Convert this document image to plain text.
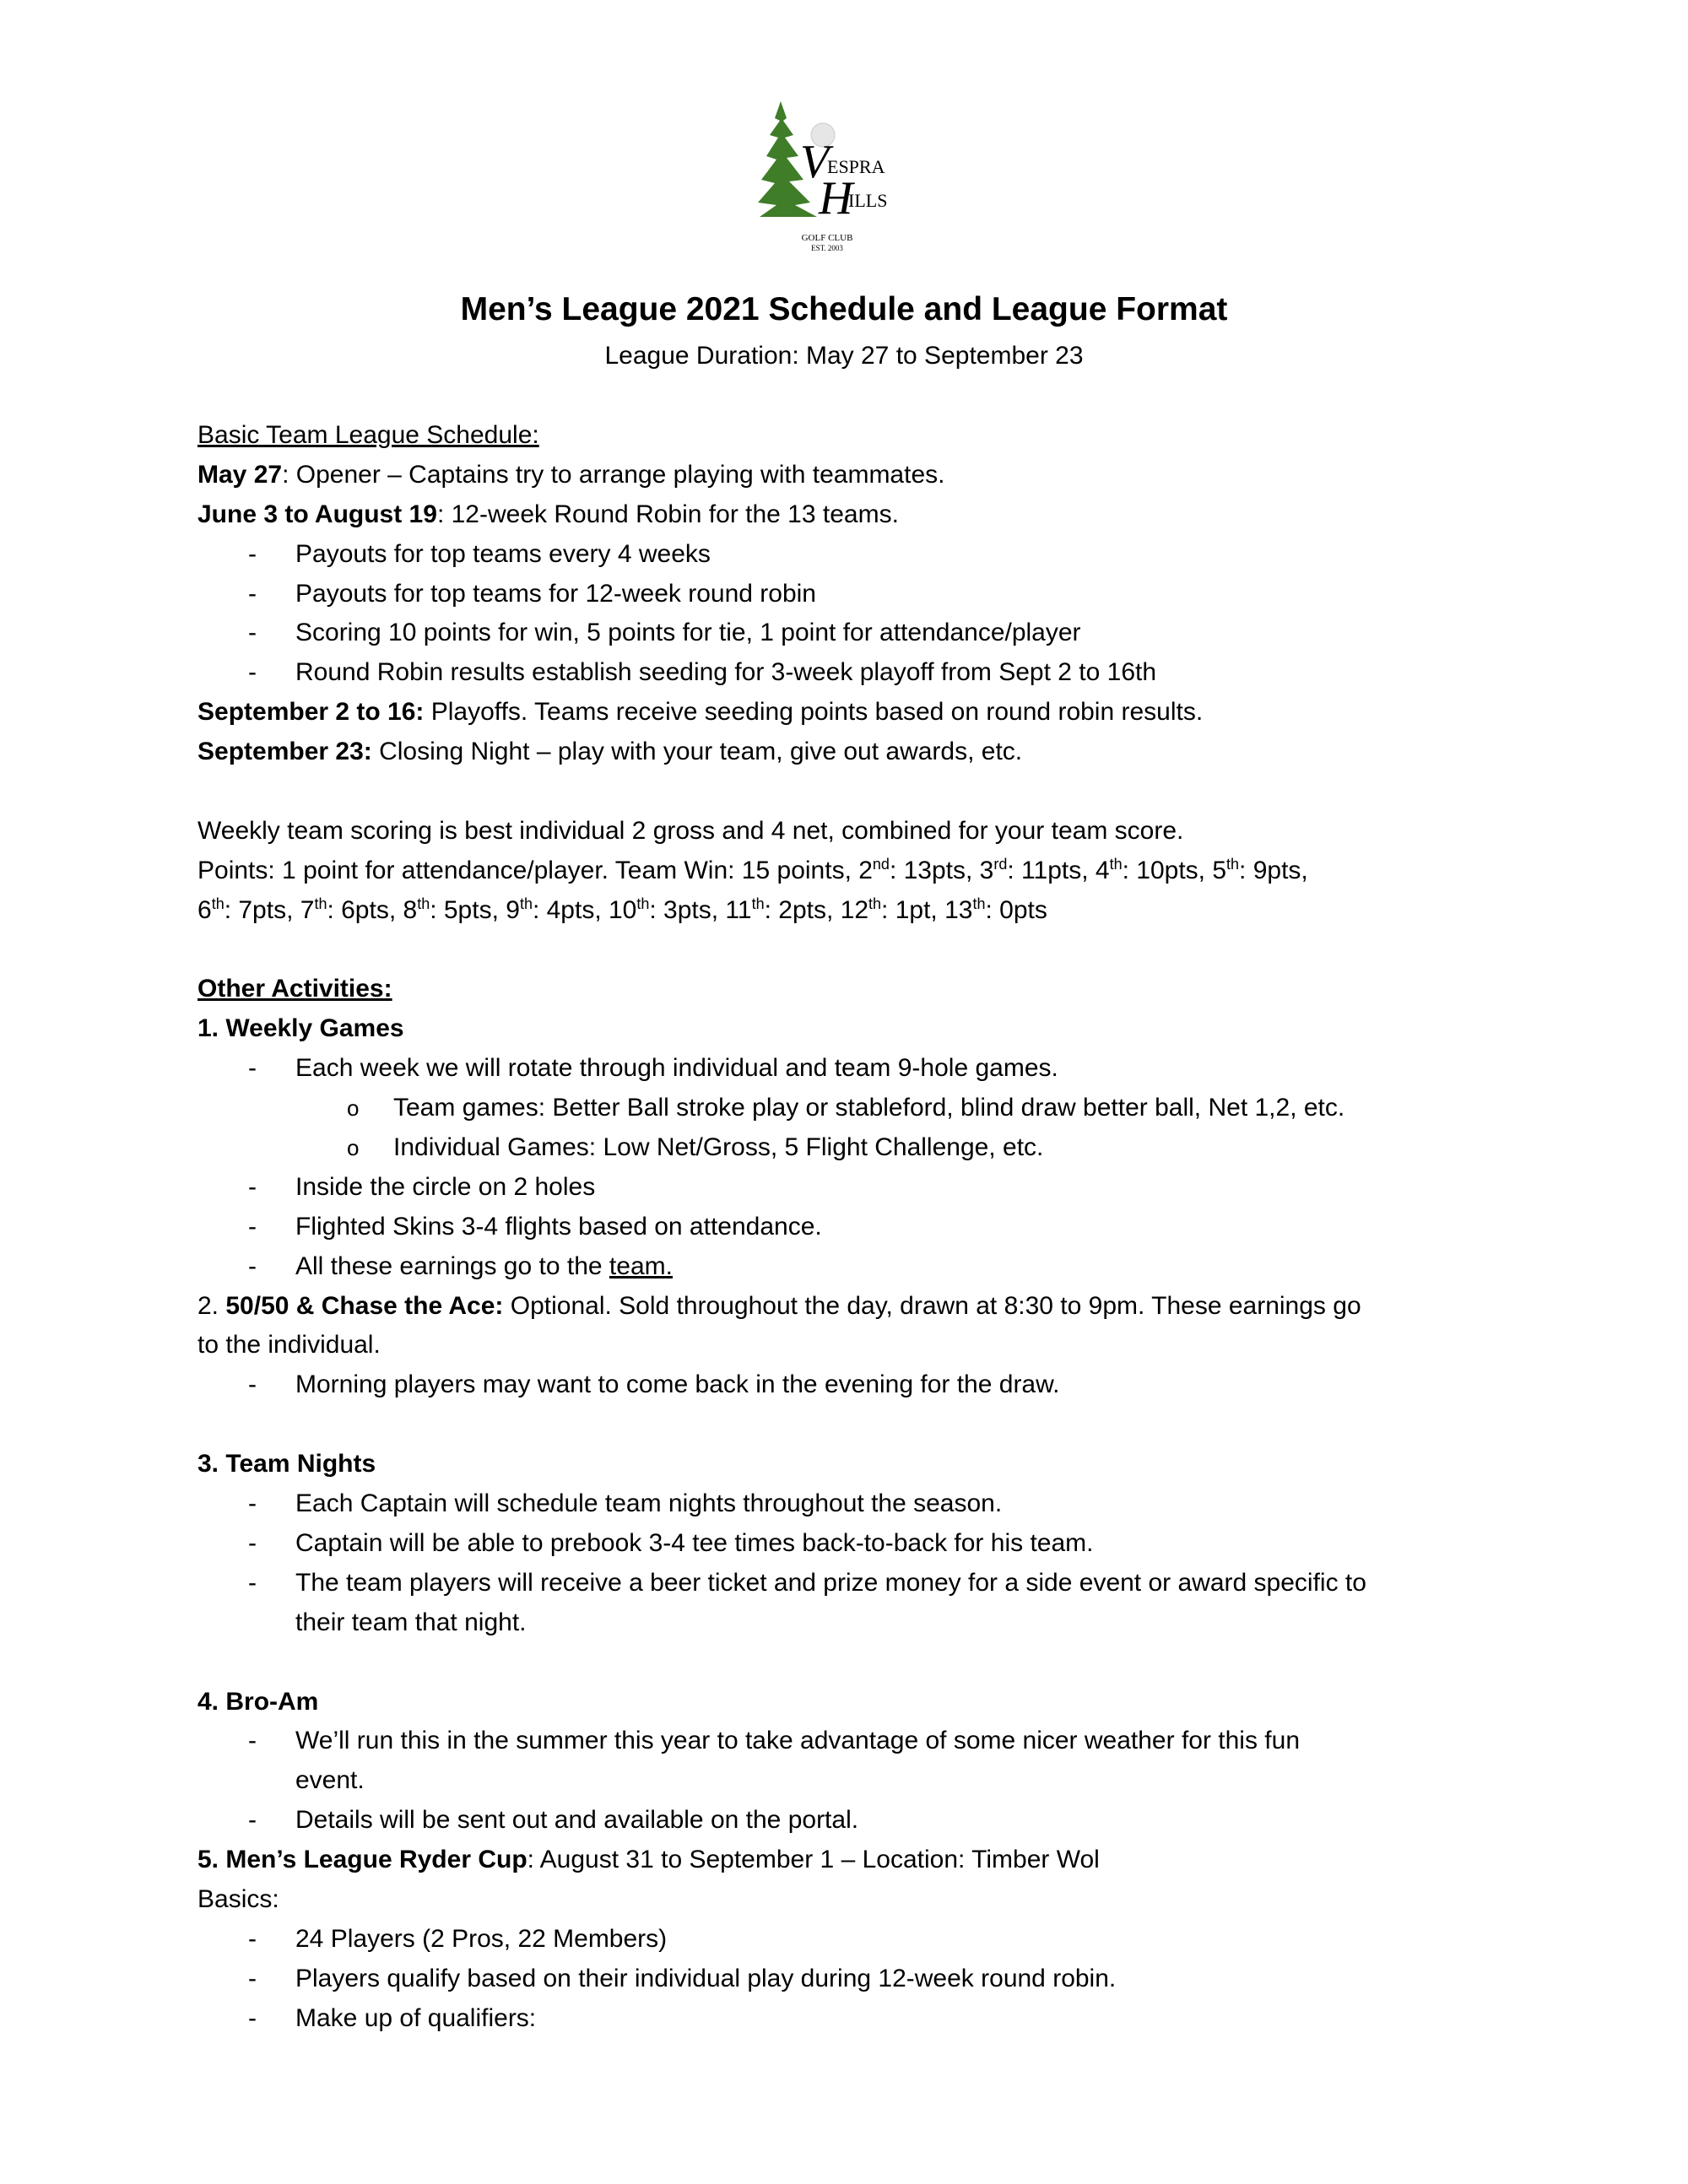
V
ESPRA
H
ILLS
GOLF CLUB
EST. 2003
Men’s League 2021 Schedule and League Format
League Duration: May 27 to September 23
Basic Team League Schedule:
May 27: Opener – Captains try to arrange playing with teammates.
June 3 to August 19: 12-week Round Robin for the 13 teams.
- Payouts for top teams every 4 weeks
- Payouts for top teams for 12-week round robin
- Scoring 10 points for win, 5 points for tie, 1 point for attendance/player
- Round Robin results establish seeding for 3-week playoff from Sept 2 to 16th
September 2 to 16: Playoffs. Teams receive seeding points based on round robin results.
September 23: Closing Night – play with your team, give out awards, etc.
Weekly team scoring is best individual 2 gross and 4 net, combined for your team score.
Points: 1 point for attendance/player. Team Win: 15 points, 2nd: 13pts, 3rd: 11pts, 4th: 10pts, 5th: 9pts,
6th: 7pts, 7th: 6pts, 8th: 5pts, 9th: 4pts, 10th: 3pts, 11th: 2pts, 12th: 1pt, 13th: 0pts
Other Activities:
1. Weekly Games
- Each week we will rotate through individual and team 9-hole games.
o Team games: Better Ball stroke play or stableford, blind draw better ball, Net 1,2, etc.
o Individual Games: Low Net/Gross, 5 Flight Challenge, etc.
- Inside the circle on 2 holes
- Flighted Skins 3-4 flights based on attendance.
- All these earnings go to the team.
2. 50/50 & Chase the Ace: Optional. Sold throughout the day, drawn at 8:30 to 9pm. These earnings go
to the individual.
- Morning players may want to come back in the evening for the draw.
3. Team Nights
- Each Captain will schedule team nights throughout the season.
- Captain will be able to prebook 3-4 tee times back-to-back for his team.
- The team players will receive a beer ticket and prize money for a side event or award specific to
their team that night.
4. Bro-Am
- We’ll run this in the summer this year to take advantage of some nicer weather for this fun
event.
- Details will be sent out and available on the portal.
5. Men’s League Ryder Cup: August 31 to September 1 – Location: Timber Wol
Basics:
- 24 Players (2 Pros, 22 Members)
- Players qualify based on their individual play during 12-week round robin.
- Make up of qualifiers:
